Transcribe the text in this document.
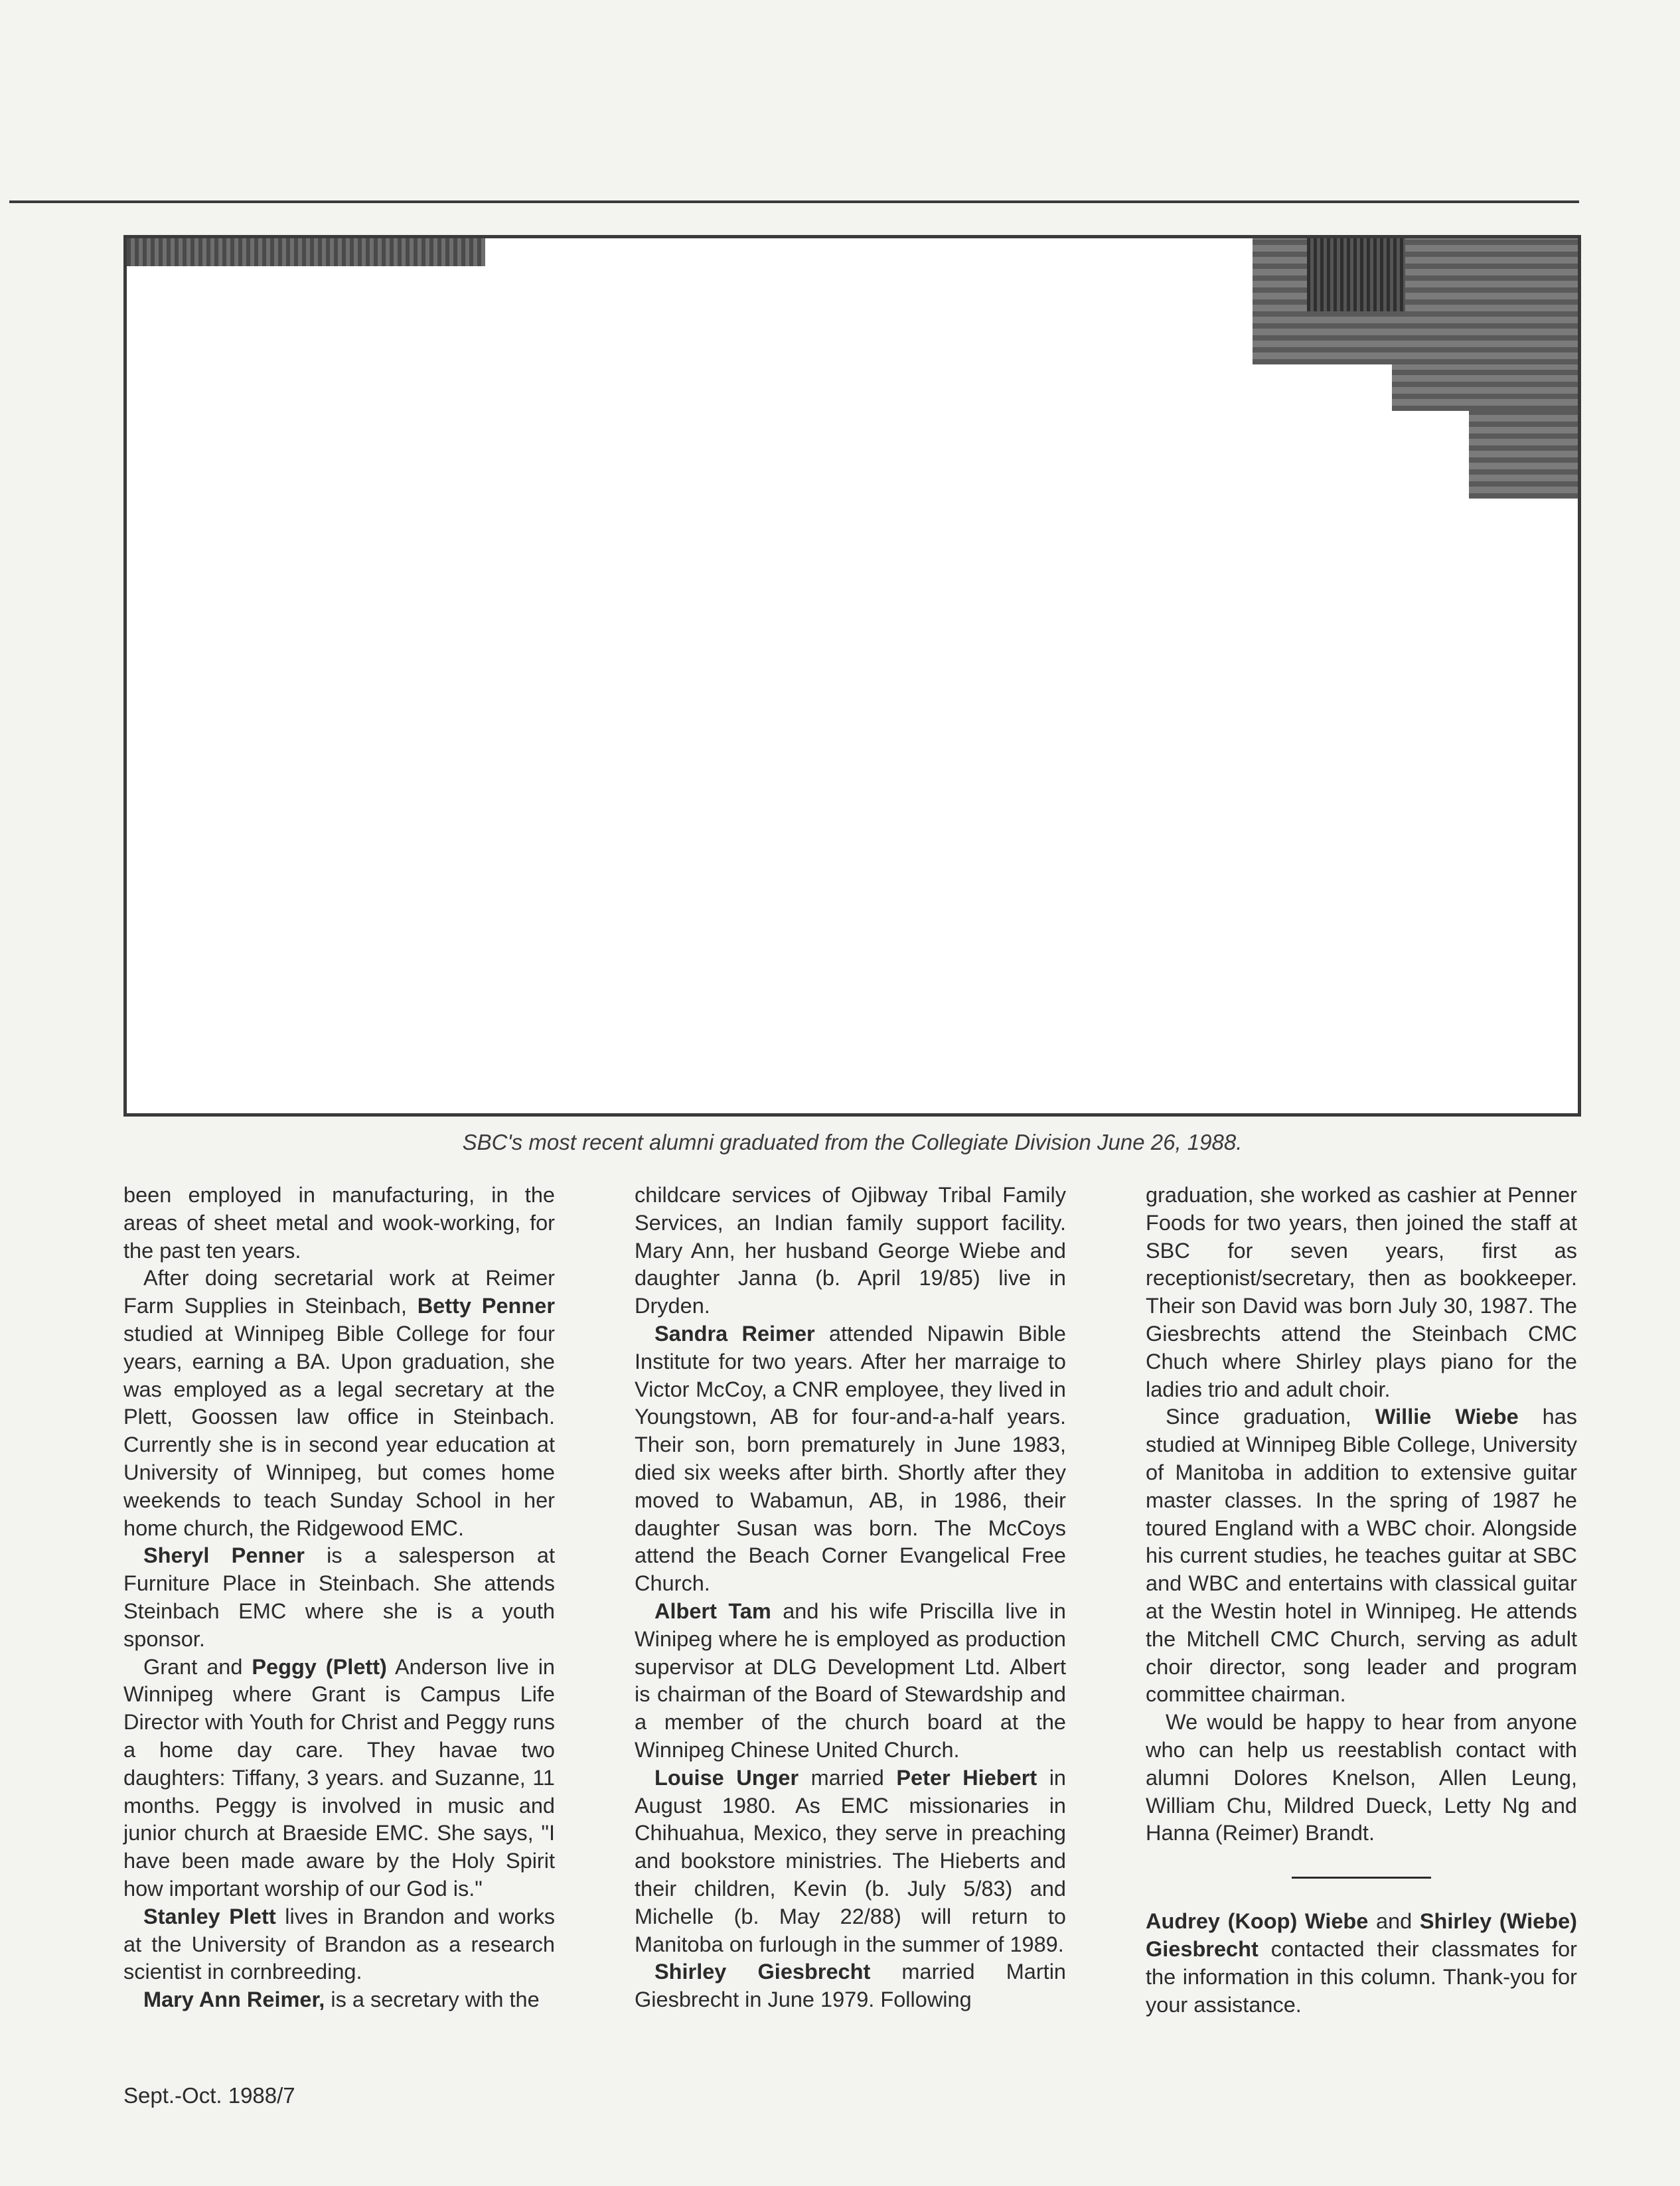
SBC's most recent alumni graduated from the Collegiate Division June 26, 1988.

been employed in manufacturing, in the areas of sheet metal and wook-working, for the past ten years.

After doing secretarial work at Reimer Farm Supplies in Steinbach, Betty Penner studied at Winnipeg Bible College for four years, earning a BA. Upon graduation, she was employed as a legal secretary at the Plett, Goossen law office in Steinbach. Currently she is in second year education at University of Winnipeg, but comes home weekends to teach Sunday School in her home church, the Ridgewood EMC.

Sheryl Penner is a salesperson at Furniture Place in Steinbach. She attends Steinbach EMC where she is a youth sponsor.

Grant and Peggy (Plett) Anderson live in Winnipeg where Grant is Campus Life Director with Youth for Christ and Peggy runs a home day care. They havae two daughters: Tiffany, 3 years. and Suzanne, 11 months. Peggy is involved in music and junior church at Braeside EMC. She says, "I have been made aware by the Holy Spirit how important worship of our God is."

Stanley Plett lives in Brandon and works at the University of Brandon as a research scientist in cornbreeding.

Mary Ann Reimer, is a secretary with the

childcare services of Ojibway Tribal Family Services, an Indian family support facility. Mary Ann, her husband George Wiebe and daughter Janna (b. April 19/85) live in Dryden.

Sandra Reimer attended Nipawin Bible Institute for two years. After her marraige to Victor McCoy, a CNR employee, they lived in Youngstown, AB for four-and-a-half years. Their son, born prematurely in June 1983, died six weeks after birth. Shortly after they moved to Wabamun, AB, in 1986, their daughter Susan was born. The McCoys attend the Beach Corner Evangelical Free Church.

Albert Tam and his wife Priscilla live in Winipeg where he is employed as production supervisor at DLG Development Ltd. Albert is chairman of the Board of Stewardship and a member of the church board at the Winnipeg Chinese United Church.

Louise Unger married Peter Hiebert in August 1980. As EMC missionaries in Chihuahua, Mexico, they serve in preaching and bookstore ministries. The Hieberts and their children, Kevin (b. July 5/83) and Michelle (b. May 22/88) will return to Manitoba on furlough in the summer of 1989.

Shirley Giesbrecht married Martin Giesbrecht in June 1979. Following

graduation, she worked as cashier at Penner Foods for two years, then joined the staff at SBC for seven years, first as receptionist/secretary, then as bookkeeper. Their son David was born July 30, 1987. The Giesbrechts attend the Steinbach CMC Chuch where Shirley plays piano for the ladies trio and adult choir.

Since graduation, Willie Wiebe has studied at Winnipeg Bible College, University of Manitoba in addition to extensive guitar master classes. In the spring of 1987 he toured England with a WBC choir. Alongside his current studies, he teaches guitar at SBC and WBC and entertains with classical guitar at the Westin hotel in Winnipeg. He attends the Mitchell CMC Church, serving as adult choir director, song leader and program committee chairman.

We would be happy to hear from anyone who can help us reestablish contact with alumni Dolores Knelson, Allen Leung, William Chu, Mildred Dueck, Letty Ng and Hanna (Reimer) Brandt.

Audrey (Koop) Wiebe and Shirley (Wiebe) Giesbrecht contacted their classmates for the information in this column. Thank-you for your assistance.

Sept.-Oct. 1988/7
